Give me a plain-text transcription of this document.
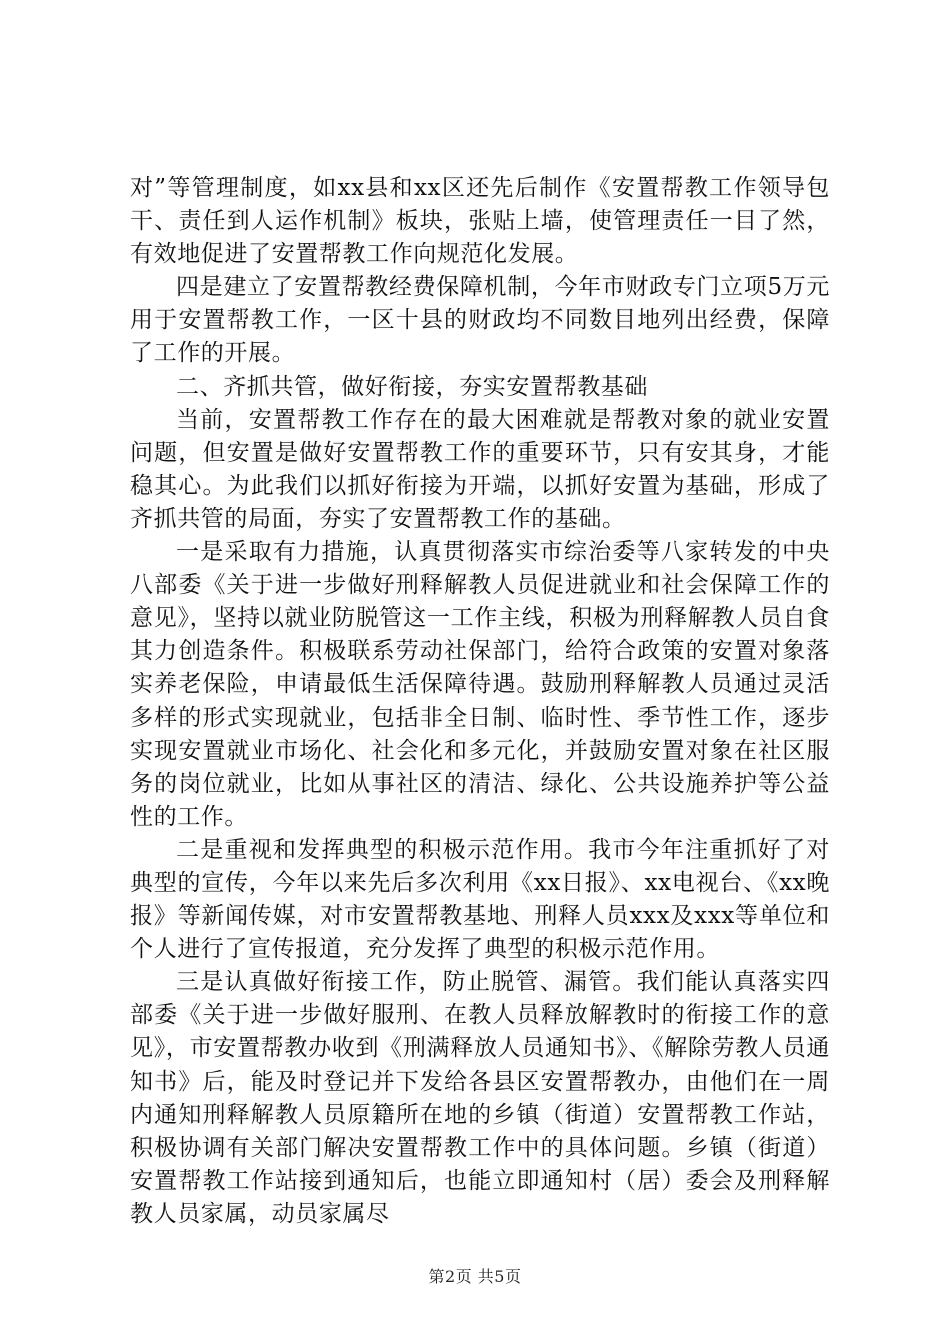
对”等管理制度，如xx县和xx区还先后制作《安置帮教工作领导包干、责任到人运作机制》板块，张贴上墙，使管理责任一目了然，有效地促进了安置帮教工作向规范化发展。

四是建立了安置帮教经费保障机制，今年市财政专门立项5万元用于安置帮教工作，一区十县的财政均不同数目地列出经费，保障了工作的开展。

二、齐抓共管，做好衔接，夯实安置帮教基础

当前，安置帮教工作存在的最大困难就是帮教对象的就业安置问题，但安置是做好安置帮教工作的重要环节，只有安其身，才能稳其心。为此我们以抓好衔接为开端，以抓好安置为基础，形成了齐抓共管的局面，夯实了安置帮教工作的基础。

一是采取有力措施，认真贯彻落实市综治委等八家转发的中央八部委《关于进一步做好刑释解教人员促进就业和社会保障工作的意见》，坚持以就业防脱管这一工作主线，积极为刑释解教人员自食其力创造条件。积极联系劳动社保部门，给符合政策的安置对象落实养老保险，申请最低生活保障待遇。鼓励刑释解教人员通过灵活多样的形式实现就业，包括非全日制、临时性、季节性工作，逐步实现安置就业市场化、社会化和多元化，并鼓励安置对象在社区服务的岗位就业，比如从事社区的清洁、绿化、公共设施养护等公益性的工作。

二是重视和发挥典型的积极示范作用。我市今年注重抓好了对典型的宣传，今年以来先后多次利用《xx日报》、xx电视台、《xx晚报》等新闻传媒，对市安置帮教基地、刑释人员xxx及xxx等单位和个人进行了宣传报道，充分发挥了典型的积极示范作用。

三是认真做好衔接工作，防止脱管、漏管。我们能认真落实四部委《关于进一步做好服刑、在教人员释放解教时的衔接工作的意见》，市安置帮教办收到《刑满释放人员通知书》、《解除劳教人员通知书》后，能及时登记并下发给各县区安置帮教办，由他们在一周内通知刑释解教人员原籍所在地的乡镇（街道）安置帮教工作站，积极协调有关部门解决安置帮教工作中的具体问题。乡镇（街道）安置帮教工作站接到通知后，也能立即通知村（居）委会及刑释解教人员家属，动员家属尽

第2页 共5页
